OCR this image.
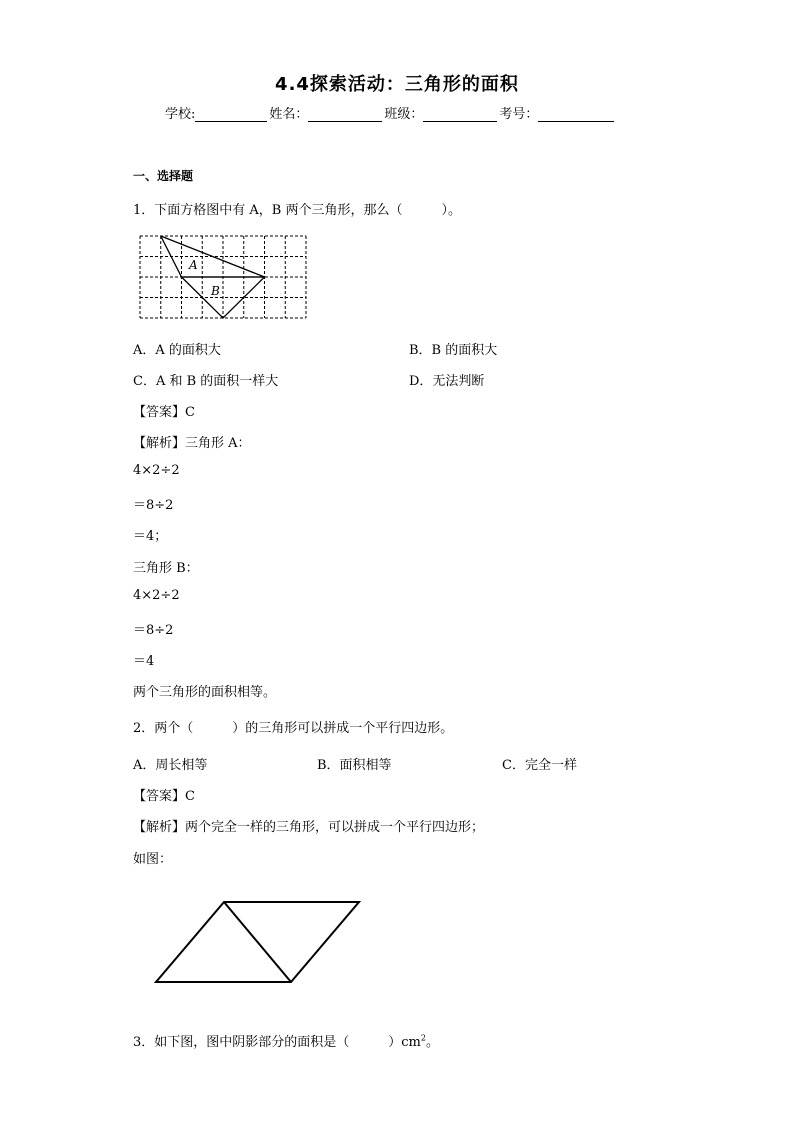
4.4探索活动：三角形的面积
学校:	姓名：	班级：	考号：
一、选择题
1．下面方格图中有 A，B 两个三角形，那么（　　　）。
A
B
A．A 的面积大	B．B 的面积大
C．A 和 B 的面积一样大	D．无法判断
【答案】C
【解析】三角形 A：
4×2÷2
＝8÷2
＝4；
三角形 B：
4×2÷2
＝8÷2
＝4
两个三角形的面积相等。
2．两个（　　　）的三角形可以拼成一个平行四边形。
A．周长相等	B．面积相等	C．完全一样
【答案】C
【解析】两个完全一样的三角形，可以拼成一个平行四边形；
如图：
3．如下图，图中阴影部分的面积是（　　　）$cm^2$。
